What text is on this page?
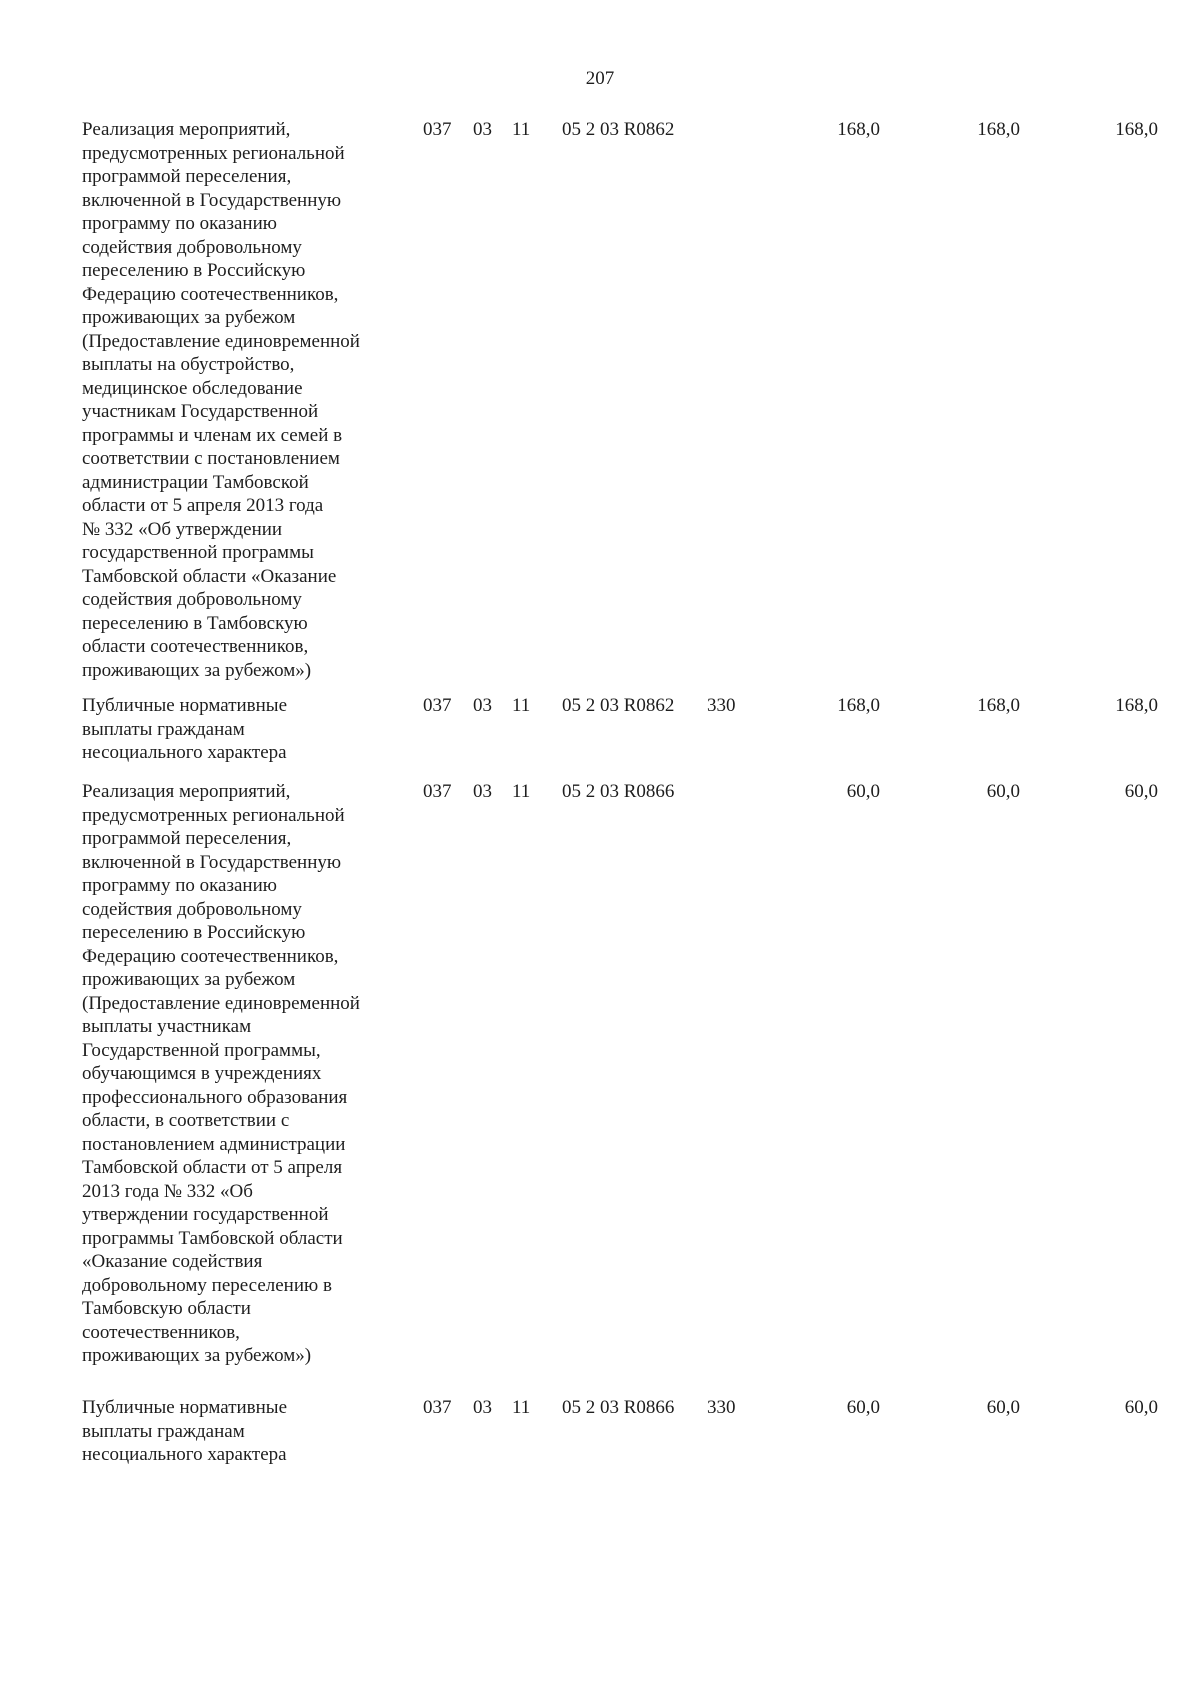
207
Реализация мероприятий,
предусмотренных региональной
программой переселения,
включенной в Государственную
программу по оказанию
содействия добровольному
переселению в Российскую
Федерацию соотечественников,
проживающих за рубежом
(Предоставление единовременной
выплаты на обустройство,
медицинское обследование
участникам Государственной
программы и членам их семей в
соответствии с постановлением
администрации Тамбовской
области от 5 апреля 2013 года
№ 332 «Об утверждении
государственной программы
Тамбовской области «Оказание
содействия добровольному
переселению в Тамбовскую
области соотечественников,
проживающих за рубежом»)
037 03 11 05 2 03 R0862	168,0	168,0	168,0
Публичные нормативные
выплаты гражданам
несоциального характера
037 03 11 05 2 03 R0862 330	168,0	168,0	168,0
Реализация мероприятий,
предусмотренных региональной
программой переселения,
включенной в Государственную
программу по оказанию
содействия добровольному
переселению в Российскую
Федерацию соотечественников,
проживающих за рубежом
(Предоставление единовременной
выплаты участникам
Государственной программы,
обучающимся в учреждениях
профессионального образования
области, в соответствии с
постановлением администрации
Тамбовской области от 5 апреля
2013 года № 332 «Об
утверждении государственной
программы Тамбовской области
«Оказание содействия
добровольному переселению в
Тамбовскую области
соотечественников,
проживающих за рубежом»)
037 03 11 05 2 03 R0866	60,0	60,0	60,0
Публичные нормативные
выплаты гражданам
несоциального характера
037 03 11 05 2 03 R0866 330	60,0	60,0	60,0
